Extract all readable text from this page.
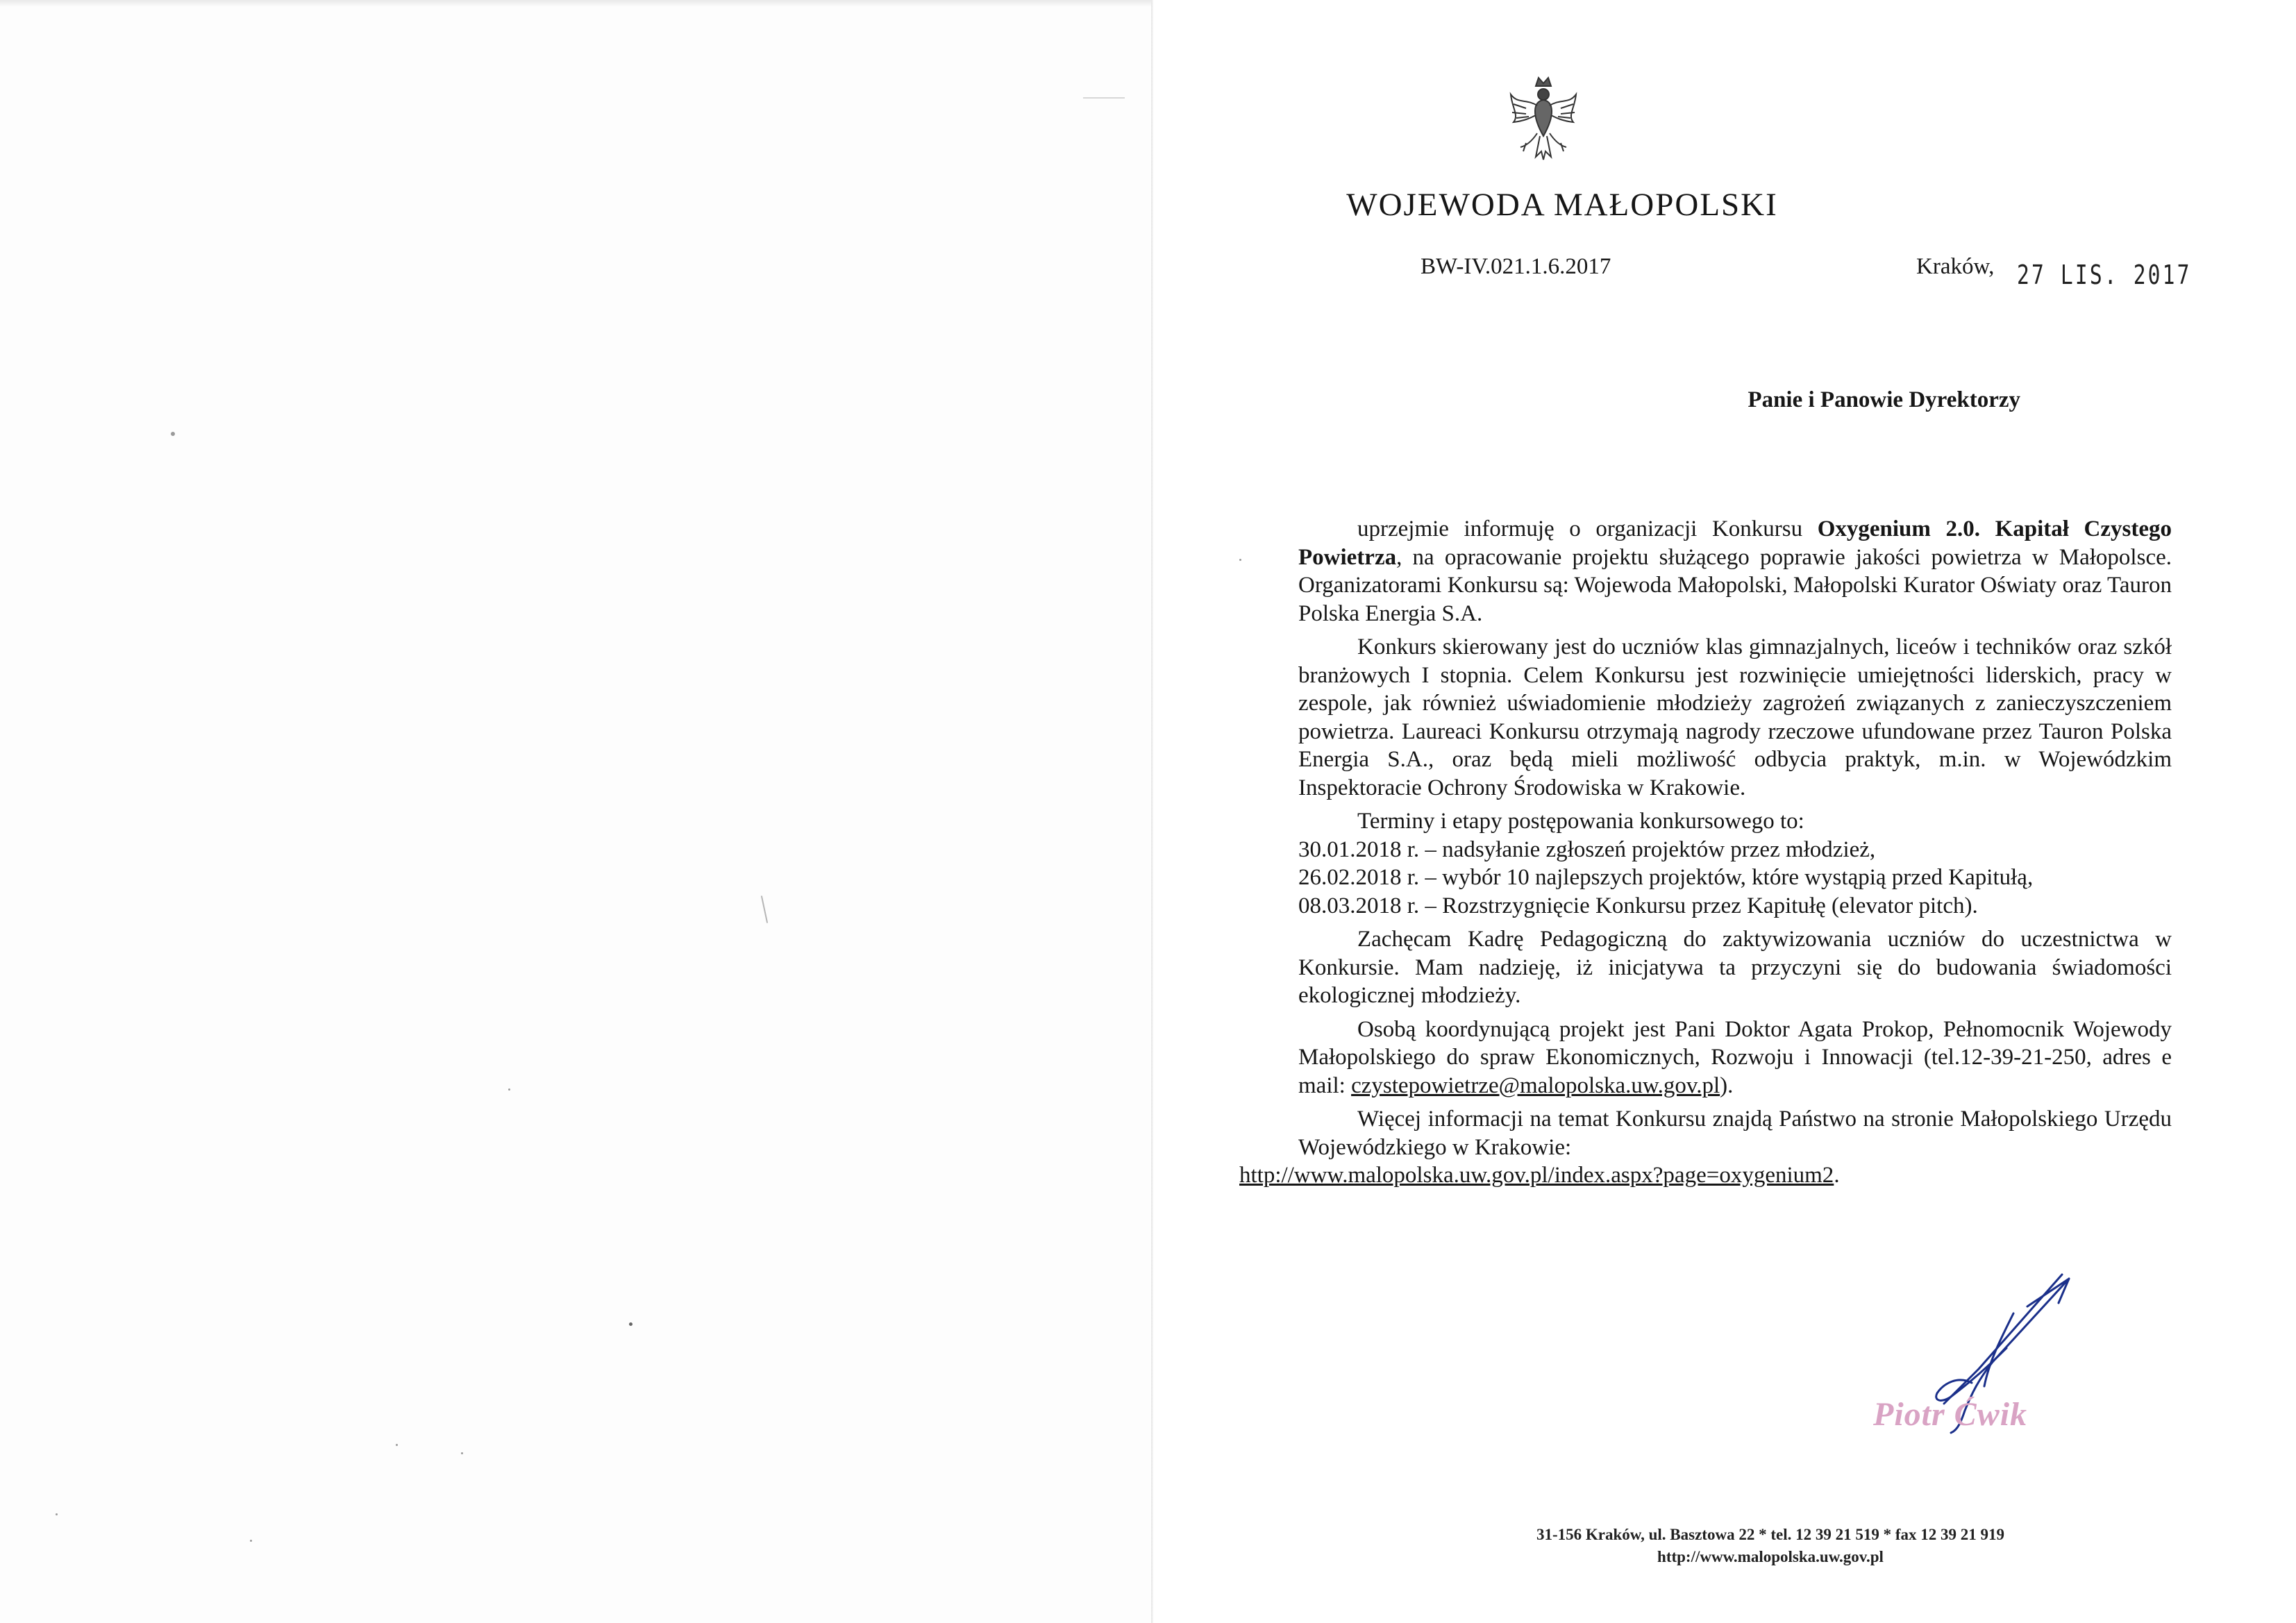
WOJEWODA MAŁOPOLSKI
BW-IV.021.1.6.2017	Kraków, 27 LIS. 2017
Panie i Panowie Dyrektorzy

uprzejmie informuję o organizacji Konkursu Oxygenium 2.0. Kapitał Czystego Powietrza, na opracowanie projektu służącego poprawie jakości powietrza w Małopolsce. Organizatorami Konkursu są: Wojewoda Małopolski, Małopolski Kurator Oświaty oraz Tauron Polska Energia S.A.

Konkurs skierowany jest do uczniów klas gimnazjalnych, liceów i techników oraz szkół branżowych I stopnia. Celem Konkursu jest rozwinięcie umiejętności liderskich, pracy w zespole, jak również uświadomienie młodzieży zagrożeń związanych z zanieczyszczeniem powietrza. Laureaci Konkursu otrzymają nagrody rzeczowe ufundowane przez Tauron Polska Energia S.A., oraz będą mieli możliwość odbycia praktyk, m.in. w Wojewódzkim Inspektoracie Ochrony Środowiska w Krakowie.

Terminy i etapy postępowania konkursowego to:
30.01.2018 r. – nadsyłanie zgłoszeń projektów przez młodzież,
26.02.2018 r. – wybór 10 najlepszych projektów, które wystąpią przed Kapitułą,
08.03.2018 r. – Rozstrzygnięcie Konkursu przez Kapitułę (elevator pitch).

Zachęcam Kadrę Pedagogiczną do zaktywizowania uczniów do uczestnictwa w Konkursie. Mam nadzieję, iż inicjatywa ta przyczyni się do budowania świadomości ekologicznej młodzieży.

Osobą koordynującą projekt jest Pani Doktor Agata Prokop, Pełnomocnik Wojewody Małopolskiego do spraw Ekonomicznych, Rozwoju i Innowacji (tel.12-39-21-250, adres e mail: czystepowietrze@malopolska.uw.gov.pl).

Więcej informacji na temat Konkursu znajdą Państwo na stronie Małopolskiego Urzędu Wojewódzkiego w Krakowie:
http://www.malopolska.uw.gov.pl/index.aspx?page=oxygenium2.

Piotr Ćwik
31-156 Kraków, ul. Basztowa 22 * tel. 12 39 21 519 * fax 12 39 21 919
http://www.malopolska.uw.gov.pl
